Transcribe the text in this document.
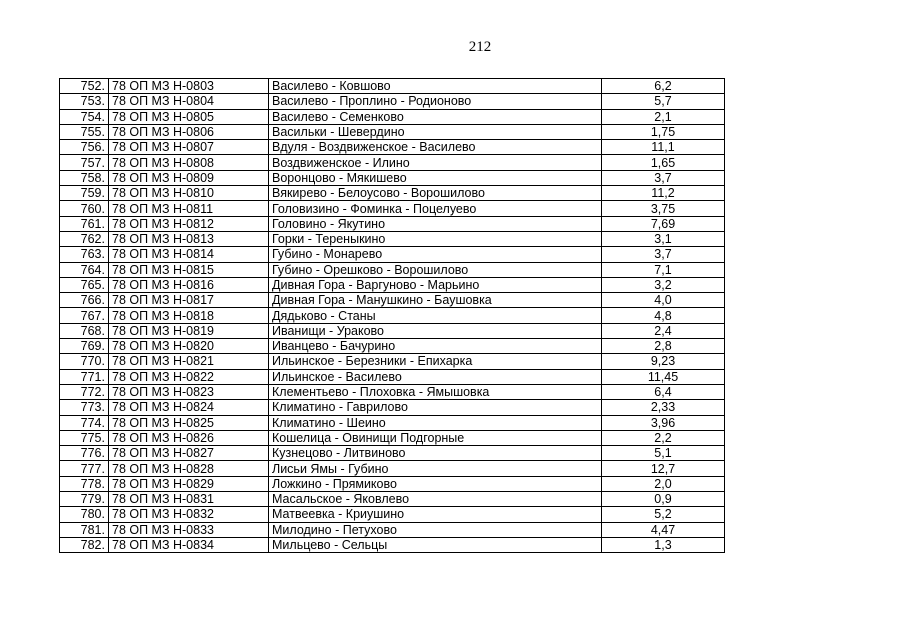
212
752.	78 ОП МЗ Н-0803	Василево - Ковшово	6,2
753.	78 ОП МЗ Н-0804	Василево - Проплино - Родионово	5,7
754.	78 ОП МЗ Н-0805	Василево - Семенково	2,1
755.	78 ОП МЗ Н-0806	Васильки - Шевердино	1,75
756.	78 ОП МЗ Н-0807	Вдуля - Воздвиженское - Василево	11,1
757.	78 ОП МЗ Н-0808	Воздвиженское - Илино	1,65
758.	78 ОП МЗ Н-0809	Воронцово - Мякишево	3,7
759.	78 ОП МЗ Н-0810	Вякирево - Белоусово - Ворошилово	11,2
760.	78 ОП МЗ Н-0811	Головизино - Фоминка - Поцелуево	3,75
761.	78 ОП МЗ Н-0812	Головино - Якутино	7,69
762.	78 ОП МЗ Н-0813	Горки - Тереныкино	3,1
763.	78 ОП МЗ Н-0814	Губино - Монарево	3,7
764.	78 ОП МЗ Н-0815	Губино - Орешково - Ворошилово	7,1
765.	78 ОП МЗ Н-0816	Дивная Гора - Варгуново - Марьино	3,2
766.	78 ОП МЗ Н-0817	Дивная Гора - Манушкино - Баушовка	4,0
767.	78 ОП МЗ Н-0818	Дядьково - Станы	4,8
768.	78 ОП МЗ Н-0819	Иванищи - Ураково	2,4
769.	78 ОП МЗ Н-0820	Иванцево - Бачурино	2,8
770.	78 ОП МЗ Н-0821	Ильинское - Березники - Епихарка	9,23
771.	78 ОП МЗ Н-0822	Ильинское - Василево	11,45
772.	78 ОП МЗ Н-0823	Клементьево - Плоховка - Ямышовка	6,4
773.	78 ОП МЗ Н-0824	Климатино - Гаврилово	2,33
774.	78 ОП МЗ Н-0825	Климатино - Шеино	3,96
775.	78 ОП МЗ Н-0826	Кошелица - Овинищи Подгорные	2,2
776.	78 ОП МЗ Н-0827	Кузнецово - Литвиново	5,1
777.	78 ОП МЗ Н-0828	Лисьи Ямы - Губино	12,7
778.	78 ОП МЗ Н-0829	Ложкино - Прямиково	2,0
779.	78 ОП МЗ Н-0831	Масальское - Яковлево	0,9
780.	78 ОП МЗ Н-0832	Матвеевка - Криушино	5,2
781.	78 ОП МЗ Н-0833	Милодино - Петухово	4,47
782.	78 ОП МЗ Н-0834	Мильцево - Сельцы	1,3
